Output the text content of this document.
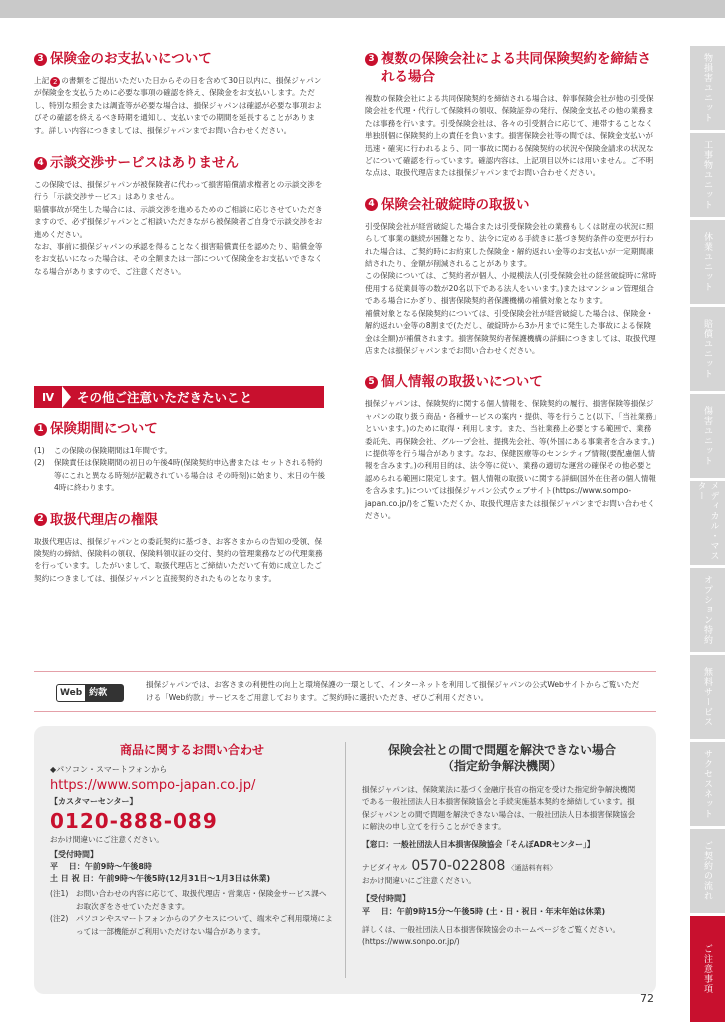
3 保険金のお支払いについて
上記 2 の書類をご提出いただいた日からその日を含めて30日以内に、損保ジャパンが保険金を支払うために必要な事項の確認を終え、保険金をお支払いします。ただし、特別な照会または調査等が必要な場合は、損保ジャパンは確認が必要な事項およびその確認を終えるべき時期を通知し、支払いまでの期間を延長することがあります。詳しい内容につきましては、損保ジャパンまでお問い合わせください。
4 示談交渉サービスはありません
この保険では、損保ジャパンが被保険者に代わって損害賠償請求権者との示談交渉を行う「示談交渉サービス」はありません。
賠償事故が発生した場合には、示談交渉を進めるためのご相談に応じさせていただきますので、必ず損保ジャパンとご相談いただきながら被保険者ご自身で示談交渉をお進めください。
なお、事前に損保ジャパンの承認を得ることなく損害賠償責任を認めたり、賠償金等をお支払いになった場合は、その全額または一部について保険金をお支払いできなくなる場合がありますので、ご注意ください。
Ⅳ	その他ご注意いただきたいこと
1 保険期間について
(1)	この保険の保険期間は1年間です。
(2)	保険責任は保険期間の初日の午後4時(保険契約申込書または セットされる特約等にこれと異なる時刻が記載されている場合は その時刻)に始まり、末日の午後4時に終わります。
2 取扱代理店の権限
取扱代理店は、損保ジャパンとの委託契約に基づき、お客さまからの告知の受領、保険契約の締結、保険料の領収、保険料領収証の交付、契約の管理業務などの代理業務を行っています。したがいまして、取扱代理店とご締結いただいて有効に成立したご契約につきましては、損保ジャパンと直接契約されたものとなります。
3 複数の保険会社による共同保険契約を締結される場合
複数の保険会社による共同保険契約を締結される場合は、幹事保険会社が他の引受保険会社を代理・代行して保険料の領収、保険証券の発行、保険金支払その他の業務または事務を行います。引受保険会社は、各々の引受割合に応じて、連帯することなく単独別個に保険契約上の責任を負います。損害保険会社等の間では、保険金支払いが迅速・確実に行われるよう、同一事故に関わる保険契約の状況や保険金請求の状況などについて確認を行っています。確認内容は、上記項目以外には用いません。ご不明な点は、取扱代理店または損保ジャパンまでお問い合わせください。
4 保険会社破綻時の取扱い
引受保険会社が経営破綻した場合または引受保険会社の業務もしくは財産の状況に照らして事業の継続が困難となり、法令に定める手続きに基づき契約条件の変更が行われた場合は、ご契約時にお約束した保険金・解約返れい金等のお支払いが一定期間凍結されたり、金額が削減されることがあります。
この保険については、ご契約者が個人、小規模法人(引受保険会社の経営破綻時に常時使用する従業員等の数が20名以下である法人をいいます。)またはマンション管理組合である場合にかぎり、損害保険契約者保護機構の補償対象となります。
補償対象となる保険契約については、引受保険会社が経営破綻した場合は、保険金・解約返れい金等の8割まで(ただし、破綻時から3か月までに発生した事故による保険金は全額)が補償されます。損害保険契約者保護機構の詳細につきましては、取扱代理店または損保ジャパンまでお問い合わせください。
5 個人情報の取扱いについて
損保ジャパンは、保険契約に関する個人情報を、保険契約の履行、損害保険等損保ジャパンの取り扱う商品・各種サービスの案内・提供、等を行うこと(以下、「当社業務」といいます。)のために取得・利用します。また、当社業務上必要とする範囲で、業務委託先、再保険会社、グループ会社、提携先会社、等(外国にある事業者を含みます。)に提供等を行う場合があります。なお、保健医療等のセンシティブ情報(要配慮個人情報を含みます。)の利用目的は、法令等に従い、業務の適切な運営の確保その他必要と認められる範囲に限定します。個人情報の取扱いに関する詳細(国外在住者の個人情報を含みます。)については損保ジャパン公式ウェブサイト(https://www.sompo-japan.co.jp/)をご覧いただくか、取扱代理店または損保ジャパンまでお問い合わせください。
Web 約款
損保ジャパンでは、お客さまの利便性の向上と環境保護の一環として、インターネットを利用して損保ジャパンの公式Webサイトからご覧いただける「Web約款」サービスをご用意しております。ご契約時に選択いただき、ぜひご利用ください。
商品に関するお問い合わせ
◆パソコン・スマートフォンから
https://www.sompo-japan.co.jp/
【カスタマーセンター】
0120-888-089
おかけ間違いにご注意ください。
【受付時間】
平　 日：午前9時〜午後8時
土 日 祝 日：午前9時〜午後5時(12月31日〜1月3日は休業)
(注1)	お問い合わせの内容に応じて、取扱代理店・営業店・保険金サービス課へお取次ぎをさせていただきます。
(注2)	パソコンやスマートフォンからのアクセスについて、端末やご利用環境によっては一部機能がご利用いただけない場合があります。
保険会社との間で問題を解決できない場合
（指定紛争解決機関）
損保ジャパンは、保険業法に基づく金融庁長官の指定を受けた指定紛争解決機関である一般社団法人日本損害保険協会と手続実施基本契約を締結しています。損保ジャパンとの間で問題を解決できない場合は、一般社団法人日本損害保険協会に解決の申し立てを行うことができます。
【窓口：一般社団法人日本損害保険協会「そんぽADRセンター」】
ナビダイヤル 0570-022808 〈通話料有料〉
おかけ間違いにご注意ください。
【受付時間】
平　 日：午前9時15分〜午後5時 (土・日・祝日・年末年始は休業)
詳しくは、一般社団法人日本損害保険協会のホームページをご覧ください。 (https://www.sonpo.or.jp/)
物損害ユニット
工事物ユニット
休業ユニット
賠償ユニット
傷害ユニット
メディカル・マスター
オプション特約
無料サービス
サクセスネット
ご契約の流れ
ご注意事項
72
